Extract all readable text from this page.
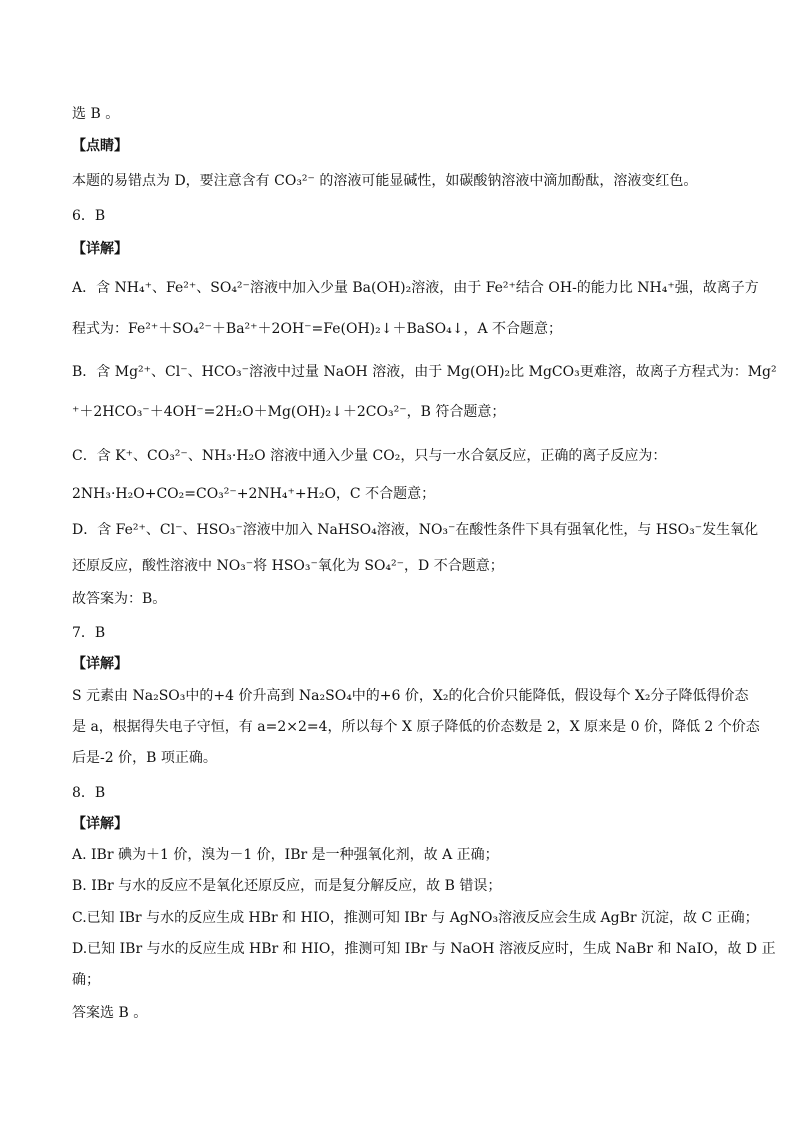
选 B 。
【点睛】
本题的易错点为 D，要注意含有 CO₃²⁻ 的溶液可能显碱性，如碳酸钠溶液中滴加酚酞，溶液变红色。
6．B
【详解】
A．含 NH₄⁺、Fe²⁺、SO₄²⁻溶液中加入少量 Ba(OH)₂溶液，由于 Fe²⁺结合 OH-的能力比 NH₄⁺强，故离子方
程式为：Fe²⁺＋SO₄²⁻＋Ba²⁺＋2OH⁻=Fe(OH)₂↓＋BaSO₄↓，A 不合题意；
B．含 Mg²⁺、Cl⁻、HCO₃⁻溶液中过量 NaOH 溶液，由于 Mg(OH)₂比 MgCO₃更难溶，故离子方程式为：Mg²
⁺＋2HCO₃⁻＋4OH⁻=2H₂O＋Mg(OH)₂↓＋2CO₃²⁻，B 符合题意；
C．含 K⁺、CO₃²⁻、NH₃·H₂O 溶液中通入少量 CO₂，只与一水合氨反应，正确的离子反应为：
2NH₃·H₂O+CO₂=CO₃²⁻+2NH₄⁺+H₂O，C 不合题意；
D．含 Fe²⁺、Cl⁻、HSO₃⁻溶液中加入 NaHSO₄溶液，NO₃⁻在酸性条件下具有强氧化性，与 HSO₃⁻发生氧化
还原反应，酸性溶液中 NO₃⁻将 HSO₃⁻氧化为 SO₄²⁻，D 不合题意；
故答案为：B。
7．B
【详解】
S 元素由 Na₂SO₃中的+4 价升高到 Na₂SO₄中的+6 价，X₂的化合价只能降低，假设每个 X₂分子降低得价态
是 a，根据得失电子守恒，有 a=2×2=4，所以每个 X 原子降低的价态数是 2，X 原来是 0 价，降低 2 个价态
后是-2 价，B 项正确。
8．B
【详解】
A. IBr 碘为＋1 价，溴为－1 价，IBr 是一种强氧化剂，故 A 正确；
B. IBr 与水的反应不是氧化还原反应，而是复分解反应，故 B 错误；
C.已知 IBr 与水的反应生成 HBr 和 HIO，推测可知 IBr 与 AgNO₃溶液反应会生成 AgBr 沉淀，故 C 正确；
D.已知 IBr 与水的反应生成 HBr 和 HIO，推测可知 IBr 与 NaOH 溶液反应时，生成 NaBr 和 NaIO，故 D 正
确；
答案选 B 。
